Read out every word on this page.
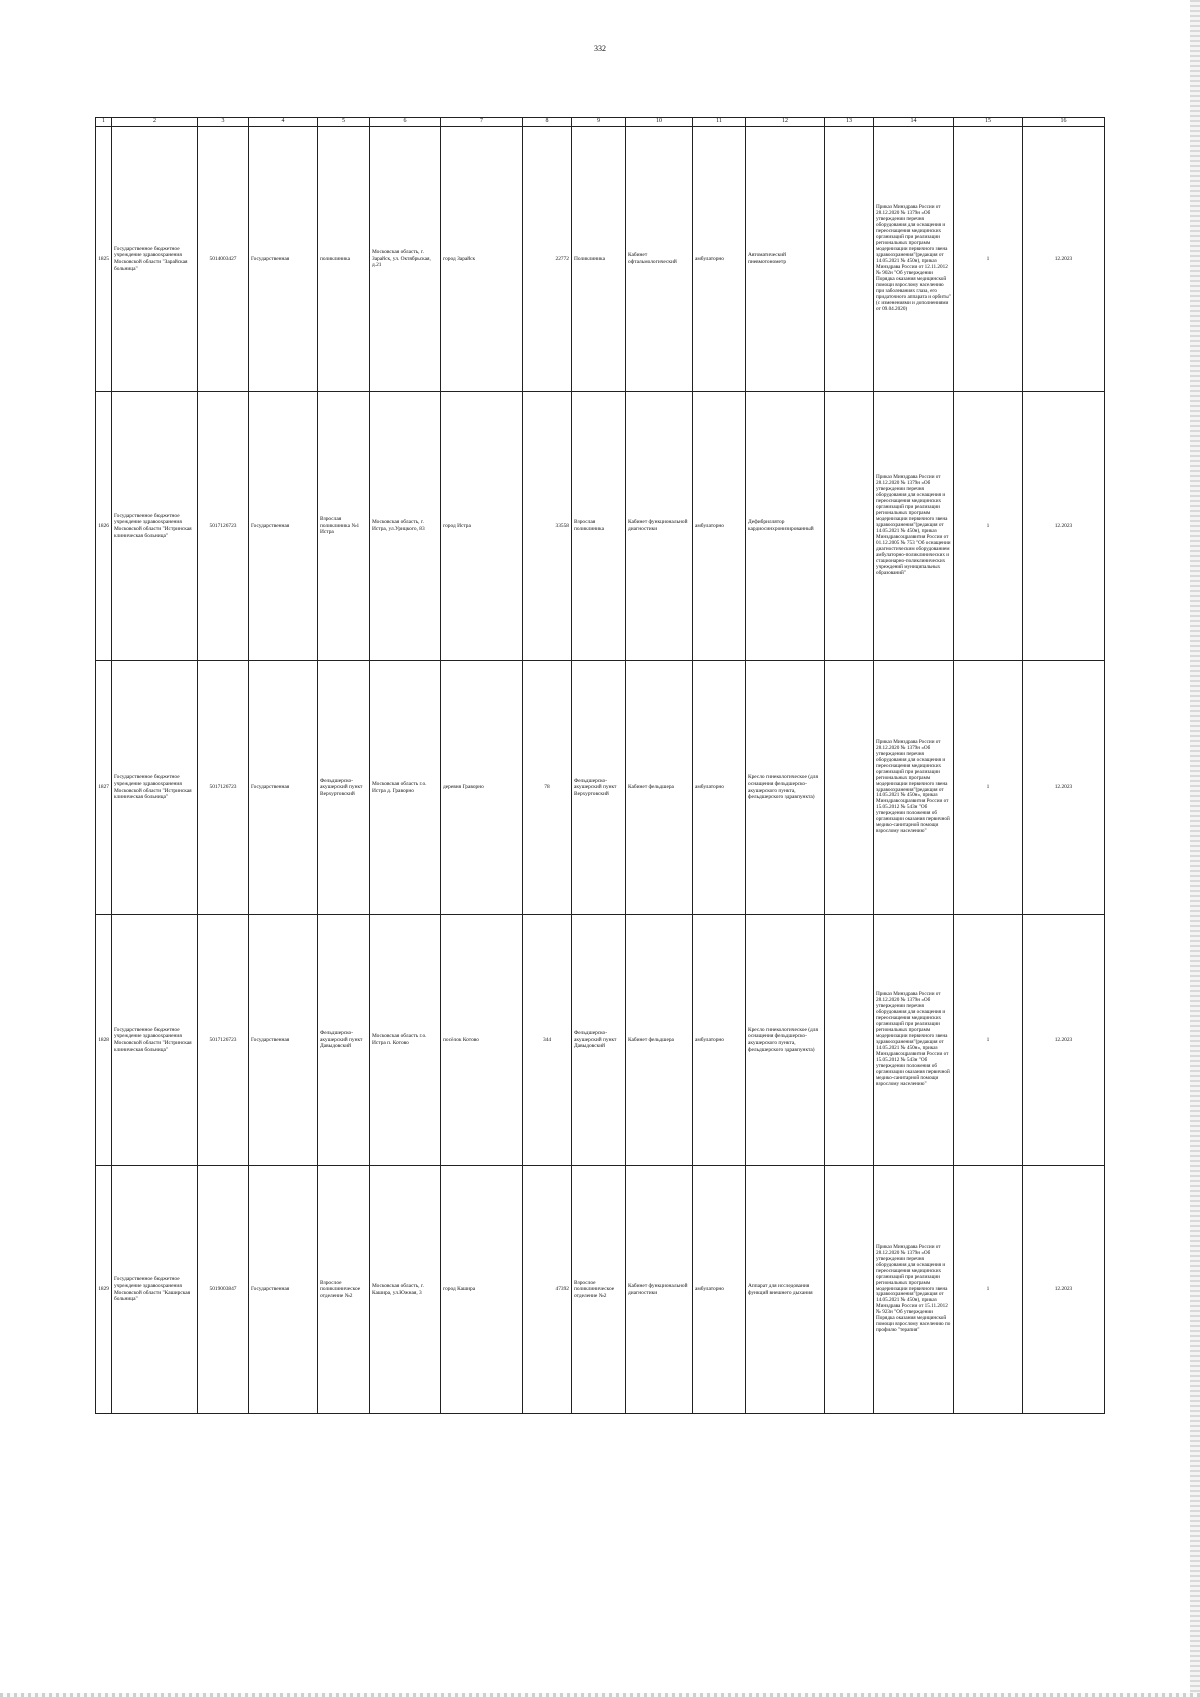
332
1	2	3	4	5	6	7	8	9	10	11	12	13	14	15	16
1825	Государственное бюджетное учреждение здравоохранения Московской области "Зарайская больница"	5014003427	Государственная	поликлиника	Московская область, г. Зарайск, ул. Октябрьская, д.21	город Зарайск	22772	Поликлиника	Кабинет офтальмологический	амбулаторно	Автоматический пневмотонометр		Приказ Минздрава России от 28.12.2020 № 1379н «Об утверждении перечня оборудования для оснащения и переоснащения медицинских организаций при реализации региональных программ модернизации первичного звена здравоохранения"(редакция от 14.05.2021 № 450н), приказ Минздрава России от 12.11.2012 № 902н "Об утверждении Порядка оказания медицинской помощи взрослому населению при заболеваниях глаза, его придаточного аппарата и орбиты" (с изменениями и дополнениями от 09.04.2020)	1	12.2023
1826	Государственное бюджетное учреждение здравоохранения Московской области "Истринская клиническая больница"	5017126723	Государственная	Взрослая поликлиника №1 Истра	Московская область, г. Истра, ул.Урицкого, 83	город Истра	33558	Взрослая поликлиника	Кабинет функциональной диагностики	амбулаторно	Дефибриллятор кардиосинхронизированный		Приказ Минздрава России от 28.12.2020 № 1379н «Об утверждении перечня оборудования для оснащения и переоснащения медицинских организаций при реализации региональных программ модернизации первичного звена здравоохранения"(редакция от 14.05.2021 № 450н), приказ Минздравсоцразвития России от 01.12.2005 № 753 "Об оснащении диагностическим оборудованием амбулаторно-поликлинических и стационарно-поликлинических учреждений муниципальных образований"	1	12.2023
1827	Государственное бюджетное учреждение здравоохранения Московской области "Истринская клиническая больница"	5017126723	Государственная	Фельдшерско-акушерский пункт Верхуртовский	Московская область г.о. Истра д. Граворно	деревня Граворно	78	Фельдшерско-акушерский пункт Верхуртовский	Кабинет фельдшера	амбулаторно	Кресло гинекологическое (для оснащения фельдшерско-акушерского пункта, фельдшерского здравпункта)		Приказ Минздрава России от 28.12.2020 № 1379н «Об утверждении перечня оборудования для оснащения и переоснащения медицинских организаций при реализации региональных программ модернизации первичного звена здравоохранения"(редакция от 14.05.2021 № 450н», приказ Минздравсоцразвития России от 15.05.2012 № 543н "Об утверждении положения об организации оказания первичной медико-санитарной помощи взрослому населению"	1	12.2023
1828	Государственное бюджетное учреждение здравоохранения Московской области "Истринская клиническая больница"	5017126723	Государственная	Фельдшерско-акушерский пункт Давыдовский	Московская область г.о. Истра п. Котово	посёлок Котово	344	Фельдшерско-акушерский пункт Давыдовский	Кабинет фельдшера	амбулаторно	Кресло гинекологическое (для оснащения фельдшерско-акушерского пункта, фельдшерского здравпункта)		Приказ Минздрава России от 28.12.2020 № 1379н «Об утверждении перечня оборудования для оснащения и переоснащения медицинских организаций при реализации региональных программ модернизации первичного звена здравоохранения"(редакция от 14.05.2021 № 450н», приказ Минздравсоцразвития России от 15.05.2012 № 543н "Об утверждении положения об организации оказания первичной медико-санитарной помощи взрослому населению"	1	12.2023
1829	Государственное бюджетное учреждение здравоохранения Московской области "Каширская больница"	5019003847	Государственная	Взрослое поликлиническое отделение №2	Московская область, г. Кашира, ул.Южная, 3	город Кашира	47392	Взрослое поликлиническое отделение №2	Кабинет функциональной диагностики	амбулаторно	Аппарат для исследования функций внешнего дыхания		Приказ Минздрава России от 28.12.2020 № 1379н «Об утверждении перечня оборудования для оснащения и переоснащения медицинских организаций при реализации региональных программ модернизации первичного звена здравоохранения"(редакция от 14.05.2021 № 450н), приказ Минздрава России от 15.11.2012 № 923н "Об утверждении Порядка оказания медицинской помощи взрослому населению по профилю "терапия"	1	12.2023
